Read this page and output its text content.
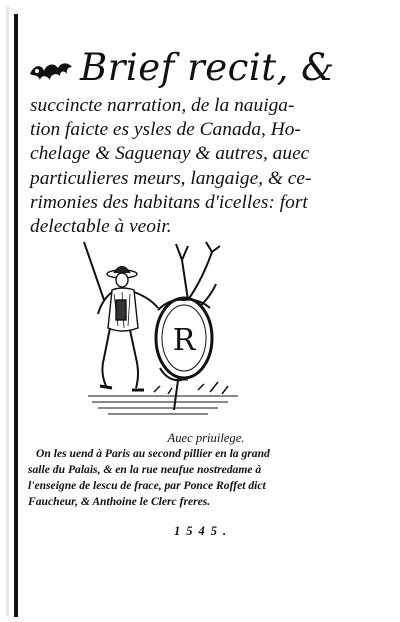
Brief recit, &
succincte narration, de la nauiga-
tion faicte es ysles de Canada, Ho-
chelage & Saguenay & autres, auec
particulieres meurs, langaige, & ce-
rimonies des habitans d'icelles: fort
delectable à veoir.
R
Auec priuilege.
On les uend à Paris au second pillier en la grand
salle du Palais, & en la rue neufue nostredame à
l'enseigne de lescu de frace, par Ponce Roffet dict
Faucheur, & Anthoine le Clerc freres.
1545.
